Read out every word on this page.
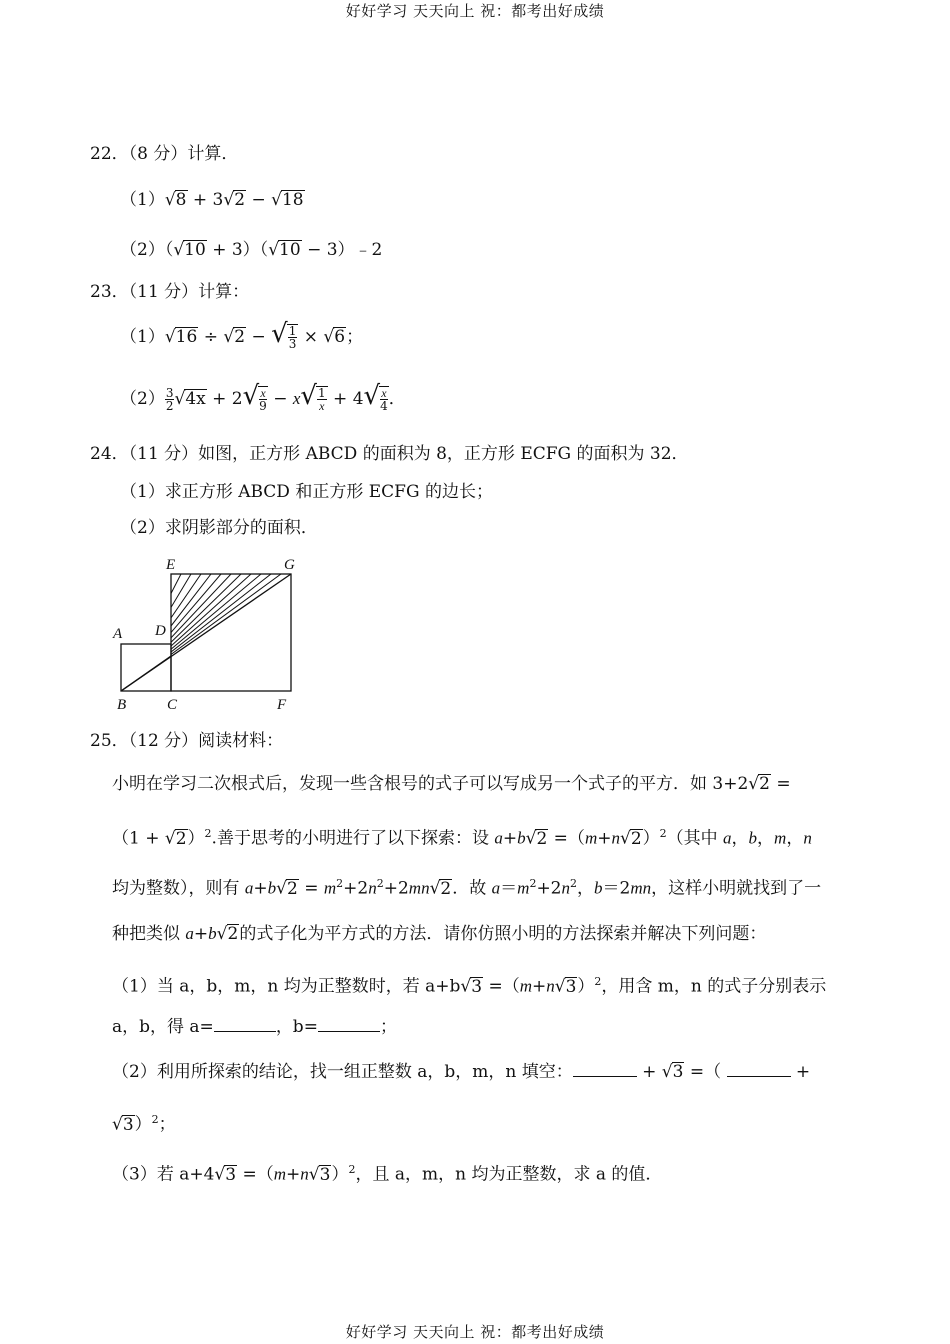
好好学习 天天向上 祝：都考出好成绩
22．（8 分）计算．
（1）√8 + 3√2 − √18
（2）（√10 + 3）（√10 − 3）﹣2
23．（11 分）计算：
（1）√16 ÷ √2 − √ $\frac{1}{3} \times √6$；
$(2) \frac{3}{2} √4x + 2√ \frac{x}{9} - x√ \frac{1}{x} + 4√ \frac{x}{4}$ ．
24．（11 分）如图，正方形 ABCD 的面积为 8，正方形 ECFG 的面积为 32．
（1）求正方形 ABCD 和正方形 ECFG 的边长；
（2）求阴影部分的面积．
E	G
A D
B	C	F
25．（12 分）阅读材料：
小明在学习二次根式后，发现一些含根号的式子可以写成另一个式子的平方．如 3+2√2 =
$(1 + √2)^2$.善于思考的小明进行了以下探索：设 $a+b√2 =(m+n√2)^2$（其中 a，b，m，n
均为整数），则有 $a+b√2 = m^2+2n^2+2mn√2$．故 $a=m^2+2n^2$，b＝2mn，这样小明就找到了一
种把类似 a+b√2的式子化为平方式的方法．请你仿照小明的方法探索并解决下列问题：
（1）当 a，b，m，n 均为正整数时，若 $a+b√3 =(m+n√3)^2$，用含 m，n 的式子分别表示
a，b，得 a=	，b=	；
（2）利用所探索的结论，找一组正整数 a，b，m，n 填空：	+ √3 =（	+
√3）$^2$；
（3）若 $a+4√3 =(m+n√3)^2$，且 a，m，n 均为正整数，求 a 的值．
好好学习 天天向上 祝：都考出好成绩
